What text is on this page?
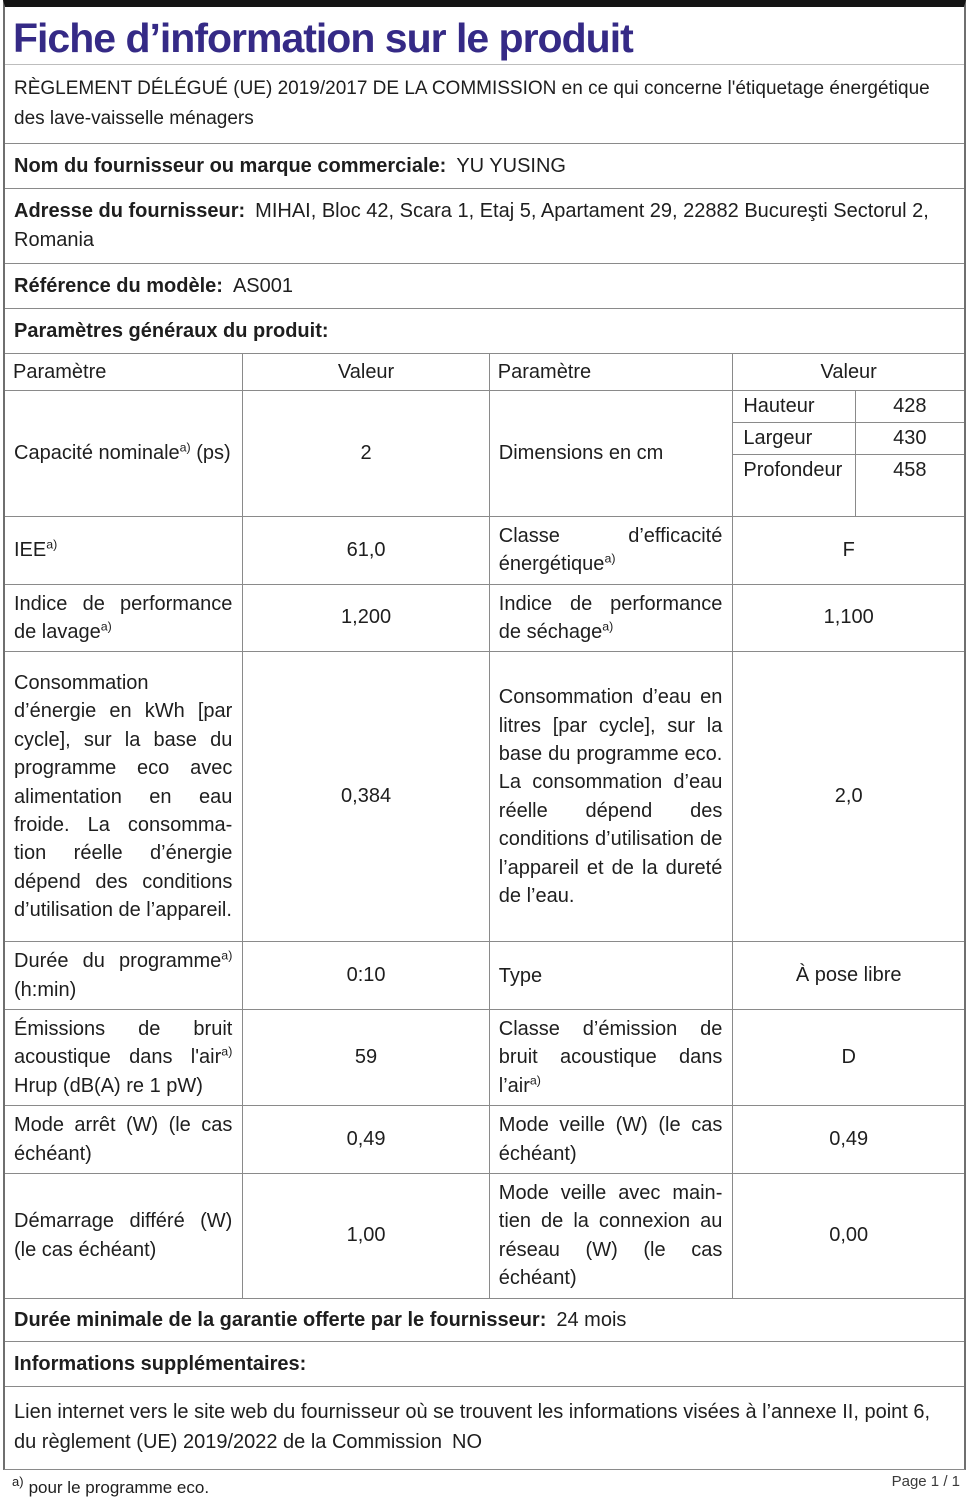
Fiche d’information sur le produit

RÈGLEMENT DÉLÉGUÉ (UE) 2019/2017 DE LA COMMISSION en ce qui concerne l'étiquetage énergétique des lave-vaisselle ménagers

Nom du fournisseur ou marque commerciale: YU YUSING
Adresse du fournisseur: MIHAI, Bloc 42, Scara 1, Etaj 5, Apartament 29, 22882 Bucureşti Sectorul 2, Romania
Référence du modèle: AS001
Paramètres généraux du produit:
Paramètre	Valeur	Paramètre	Valeur
Capacité nominale$^{a)}$ (ps)	2	Dimensions en cm	
Hauteur	428
Largeur	430
Profondeur	458

IEE$^{a)}$	61,0	Classe d’efficacité énergétique$^{a)}$	F
Indice de performance de lavage$^{a)}$	1,200	Indice de performance de séchage$^{a)}$	1,100
Consommation d’énergie en kWh [par cycle], sur la base du programme eco avec alimentation en eau froide. La consommation réelle d’énergie dépend des conditions d’utilisation de l’appareil.	0,384	Consommation d’eau en litres [par cycle], sur la base du programme eco. La consommation d’eau réelle dépend des conditions d’utilisation de l’appareil et de la dureté de l’eau.	2,0
Durée du programme$^{a)}$ (h:min)	0:10	Type	À pose libre
Émissions de bruit acoustique dans l'air$^{a)}$ Hrup (dB(A) re 1 pW)	59	Classe d’émission de bruit acoustique dans l’air$^{a)}$	D
Mode arrêt (W) (le cas échéant)	0,49	Mode veille (W) (le cas échéant)	0,49
Démarrage différé (W) (le cas échéant)	1,00	Mode veille avec maintien de la connexion au réseau (W) (le cas échéant)	0,00
Durée minimale de la garantie offerte par le fournisseur: 24 mois
Informations supplémentaires:
Lien internet vers le site web du fournisseur où se trouvent les informations visées à l’annexe II, point 6, du règlement (UE) 2019/2022 de la Commission NO
$^{a)}$ pour le programme eco.	Page 1 / 1
